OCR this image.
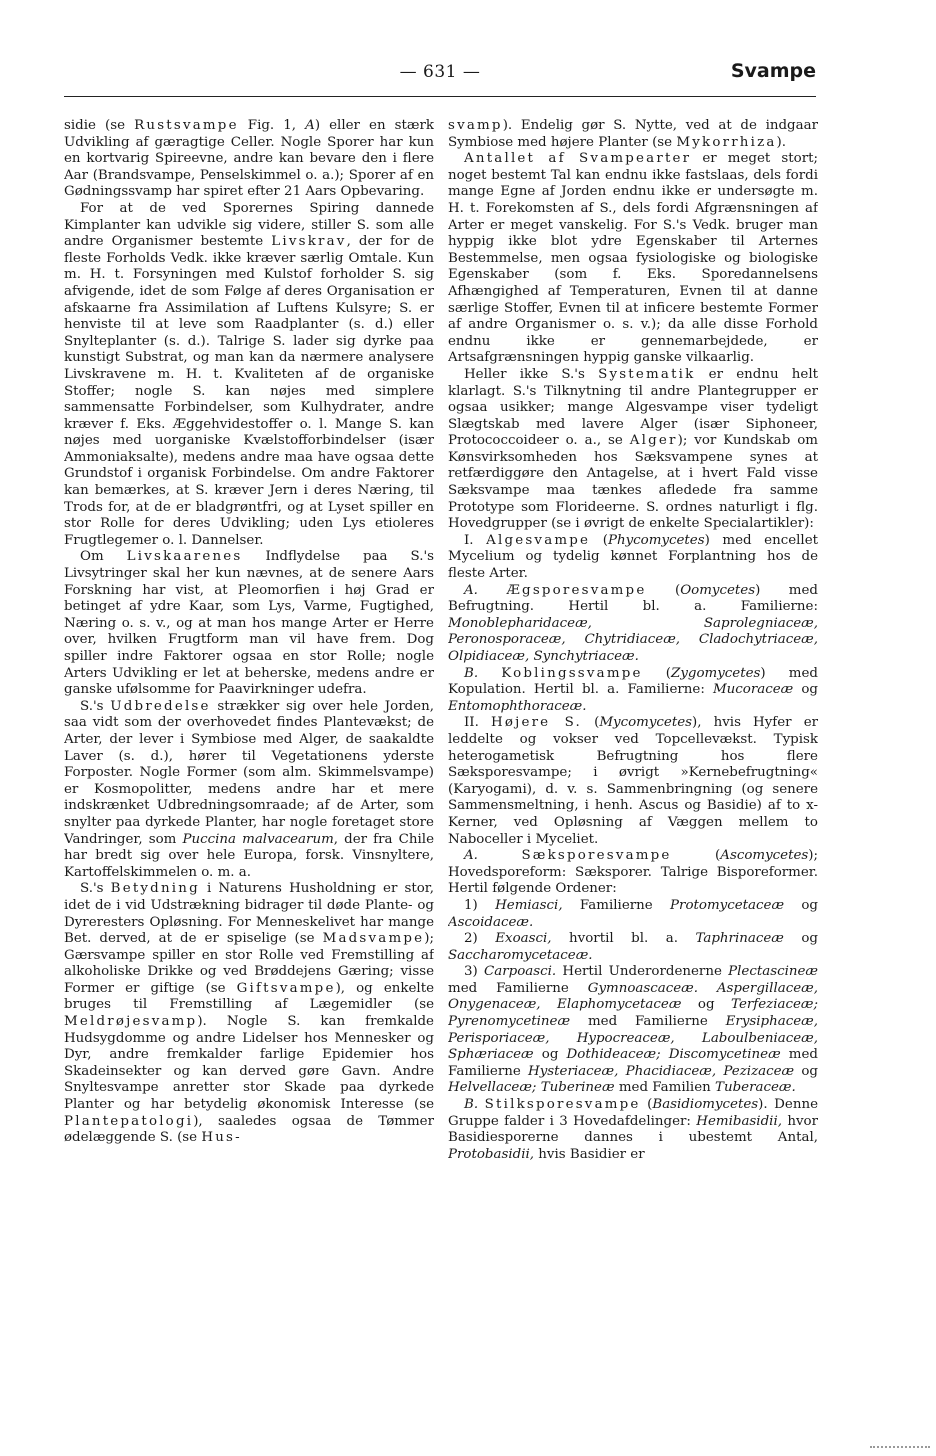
— 631 —	Svampe

sidie (se Rustsvampe Fig. 1, A) eller en stærk Udvikling af gæragtige Celler. Nogle Sporer har kun en kortvarig Spireevne, andre kan bevare den i flere Aar (Brandsvampe, Penselskimmel o. a.); Sporer af en Gødningssvamp har spiret efter 21 Aars Opbevaring.

For at de ved Sporernes Spiring dannede Kimplanter kan udvikle sig videre, stiller S. som alle andre Organismer bestemte Livskrav, der for de fleste Forholds Vedk. ikke kræver særlig Omtale. Kun m. H. t. Forsyningen med Kulstof forholder S. sig afvigende, idet de som Følge af deres Organisation er afskaarne fra Assimilation af Luftens Kulsyre; S. er henviste til at leve som Raadplanter (s. d.) eller Snylteplanter (s. d.). Talrige S. lader sig dyrke paa kunstigt Substrat, og man kan da nærmere analysere Livskravene m. H. t. Kvaliteten af de organiske Stoffer; nogle S. kan nøjes med simplere sammensatte Forbindelser, som Kulhydrater, andre kræver f. Eks. Æggehvidestoffer o. l. Mange S. kan nøjes med uorganiske Kvælstofforbindelser (især Ammoniaksalte), medens andre maa have ogsaa dette Grundstof i organisk Forbindelse. Om andre Faktorer kan bemærkes, at S. kræver Jern i deres Næring, til Trods for, at de er bladgrøntfri, og at Lyset spiller en stor Rolle for deres Udvikling; uden Lys etioleres Frugtlegemer o. l. Dannelser.

Om Livskaarenes Indflydelse paa S.'s Livsytringer skal her kun nævnes, at de senere Aars Forskning har vist, at Pleomorfien i høj Grad er betinget af ydre Kaar, som Lys, Varme, Fugtighed, Næring o. s. v., og at man hos mange Arter er Herre over, hvilken Frugtform man vil have frem. Dog spiller indre Faktorer ogsaa en stor Rolle; nogle Arters Udvikling er let at beherske, medens andre er ganske ufølsomme for Paavirkninger udefra.

S.'s Udbredelse strækker sig over hele Jorden, saa vidt som der overhovedet findes Plantevækst; de Arter, der lever i Symbiose med Alger, de saakaldte Laver (s. d.), hører til Vegetationens yderste Forposter. Nogle Former (som alm. Skimmelsvampe) er Kosmopolitter, medens andre har et mere indskrænket Udbredningsomraade; af de Arter, som snylter paa dyrkede Planter, har nogle foretaget store Vandringer, som Puccina malvacearum, der fra Chile har bredt sig over hele Europa, forsk. Vinsnyltere, Kartoffelskimmelen o. m. a.

S.'s Betydning i Naturens Husholdning er stor, idet de i vid Udstrækning bidrager til døde Plante- og Dyreresters Opløsning. For Menneskelivet har mange Bet. derved, at de er spiselige (se Madsvampe); Gærsvampe spiller en stor Rolle ved Fremstilling af alkoholiske Drikke og ved Brøddejens Gæring; visse Former er giftige (se Giftsvampe), og enkelte bruges til Fremstilling af Lægemidler (se Meldrøjesvamp). Nogle S. kan fremkalde Hudsygdomme og andre Lidelser hos Mennesker og Dyr, andre fremkalder farlige Epidemier hos Skadeinsekter og kan derved gøre Gavn. Andre Snyltesvampe anretter stor Skade paa dyrkede Planter og har betydelig økonomisk Interesse (se Plantepatologi), saaledes ogsaa de Tømmer ødelæggende S. (se Hus-

svamp). Endelig gør S. Nytte, ved at de indgaar Symbiose med højere Planter (se Mykorrhiza).

Antallet af Svampearter er meget stort; noget bestemt Tal kan endnu ikke fastslaas, dels fordi mange Egne af Jorden endnu ikke er undersøgte m. H. t. Forekomsten af S., dels fordi Afgrænsningen af Arter er meget vanskelig. For S.'s Vedk. bruger man hyppig ikke blot ydre Egenskaber til Arternes Bestemmelse, men ogsaa fysiologiske og biologiske Egenskaber (som f. Eks. Sporedannelsens Afhængighed af Temperaturen, Evnen til at danne særlige Stoffer, Evnen til at inficere bestemte Former af andre Organismer o. s. v.); da alle disse Forhold endnu ikke er gennemarbejdede, er Artsafgrænsningen hyppig ganske vilkaarlig.

Heller ikke S.'s Systematik er endnu helt klarlagt. S.'s Tilknytning til andre Plantegrupper er ogsaa usikker; mange Algesvampe viser tydeligt Slægtskab med lavere Alger (især Siphoneer, Protococcoideer o. a., se Alger); vor Kundskab om Kønsvirksomheden hos Sæksvampene synes at retfærdiggøre den Antagelse, at i hvert Fald visse Sæksvampe maa tænkes afledede fra samme Prototype som Florideerne. S. ordnes naturligt i flg. Hovedgrupper (se i øvrigt de enkelte Specialartikler):

I. Algesvampe (Phycomycetes) med encellet Mycelium og tydelig kønnet Forplantning hos de fleste Arter.

A. Ægsporesvampe (Oomycetes) med Befrugtning. Hertil bl. a. Familierne: Monoblepharidaceæ, Saprolegniaceæ, Peronosporaceæ, Chytridiaceæ, Cladochytriaceæ, Olpidiaceæ, Synchytriaceæ.

B. Koblingssvampe (Zygomycetes) med Kopulation. Hertil bl. a. Familierne: Mucoraceæ og Entomophthoraceæ.

II. Højere S. (Mycomycetes), hvis Hyfer er leddelte og vokser ved Topcellevækst. Typisk heterogametisk Befrugtning hos flere Sæksporesvampe; i øvrigt »Kernebefrugtning« (Karyogami), d. v. s. Sammenbringning (og senere Sammensmeltning, i henh. Ascus og Basidie) af to x-Kerner, ved Opløsning af Væggen mellem to Naboceller i Myceliet.

A.	Sæksporesvampe (Ascomycetes); Hovedsporeform: Sæksporer. Talrige Bisporeformer. Hertil følgende Ordener:

1) Hemiasci, Familierne Protomycetaceæ og Ascoidaceæ.

2) Exoasci, hvortil bl. a. Taphrinaceæ og Saccharomycetaceæ.

3) Carpoasci. Hertil Underordenerne Plectascineæ med Familierne Gymnoascaceæ. Aspergillaceæ, Onygenaceæ, Elaphomycetaceæ og Terfeziaceæ; Pyrenomycetineæ med Familierne Erysiphaceæ, Perisporiaceæ, Hypocreaceæ, Laboulbeniaceæ, Sphæriaceæ og Dothideaceæ; Discomycetineæ med Familierne Hysteriaceæ, Phacidiaceæ, Pezizaceæ og Helvellaceæ; Tuberineæ med Familien Tuberaceæ.

B. Stilksporesvampe (Basidiomycetes). Denne Gruppe falder i 3 Hovedafdelinger: Hemibasidii, hvor Basidiesporerne dannes i ubestemt Antal, Protobasidii, hvis Basidier er
